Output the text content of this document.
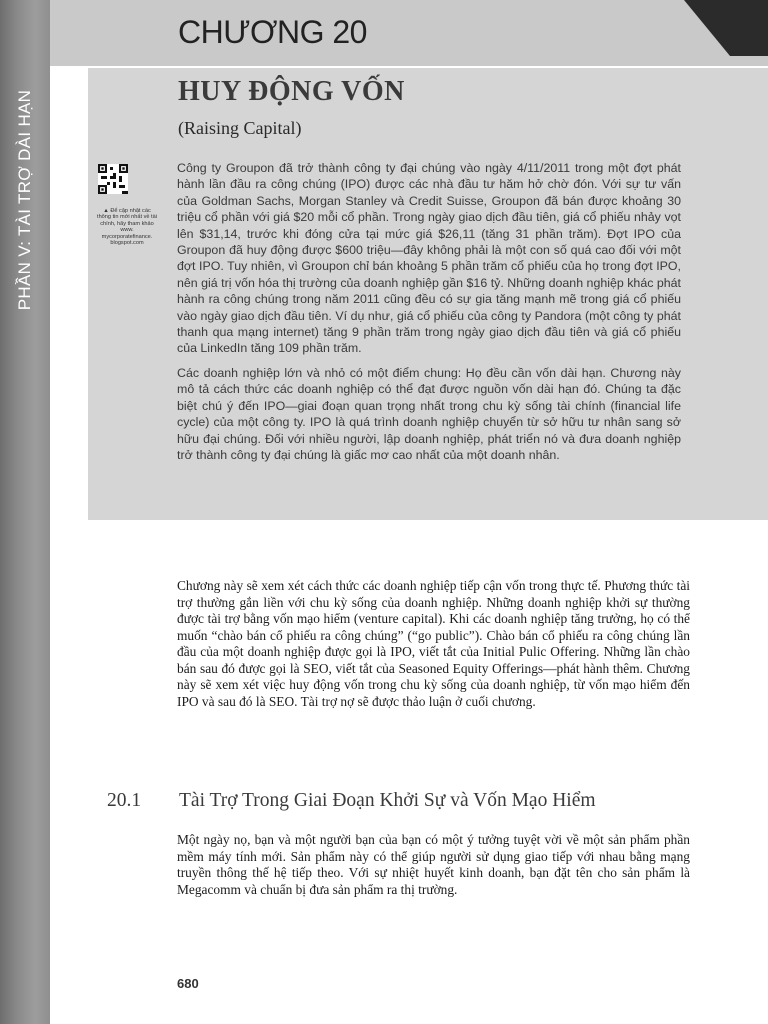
PHẦN V: TÀI TRỢ DÀI HẠN
CHƯƠNG 20
▲ Để cập nhật các thông tin mới nhất về tài chính, hãy tham khảo www. mycorporatefinance. blogspot.com
HUY ĐỘNG VỐN
(Raising Capital)

Công ty Groupon đã trở thành công ty đại chúng vào ngày 4/11/2011 trong một đợt phát hành lần đầu ra công chúng (IPO) được các nhà đầu tư hăm hở chờ đón. Với sự tư vấn của Goldman Sachs, Morgan Stanley và Credit Suisse, Groupon đã bán được khoảng 30 triệu cổ phần với giá $20 mỗi cổ phần. Trong ngày giao dịch đầu tiên, giá cổ phiếu nhảy vọt lên $31,14, trước khi đóng cửa tại mức giá $26,11 (tăng 31 phần trăm). Đợt IPO của Groupon đã huy động được $600 triệu—đây không phải là một con số quá cao đối với một đợt IPO. Tuy nhiên, vì Groupon chỉ bán khoảng 5 phần trăm cổ phiếu của họ trong đợt IPO, nên giá trị vốn hóa thị trường của doanh nghiệp gần $16 tỷ. Những doanh nghiệp khác phát hành ra công chúng trong năm 2011 cũng đều có sự gia tăng mạnh mẽ trong giá cổ phiếu vào ngày giao dịch đầu tiên. Ví dụ như, giá cổ phiếu của công ty Pandora (một công ty phát thanh qua mạng internet) tăng 9 phần trăm trong ngày giao dịch đầu tiên và giá cổ phiếu của LinkedIn tăng 109 phần trăm.

Các doanh nghiệp lớn và nhỏ có một điểm chung: Họ đều cần vốn dài hạn. Chương này mô tả cách thức các doanh nghiệp có thể đạt được nguồn vốn dài hạn đó. Chúng ta đặc biệt chú ý đến IPO—giai đoạn quan trọng nhất trong chu kỳ sống tài chính (financial life cycle) của một công ty. IPO là quá trình doanh nghiệp chuyển từ sở hữu tư nhân sang sở hữu đại chúng. Đối với nhiều người, lập doanh nghiệp, phát triển nó và đưa doanh nghiệp trở thành công ty đại chúng là giấc mơ cao nhất của một doanh nhân.

Chương này sẽ xem xét cách thức các doanh nghiệp tiếp cận vốn trong thực tế. Phương thức tài trợ thường gắn liền với chu kỳ sống của doanh nghiệp. Những doanh nghiệp khởi sự thường được tài trợ bằng vốn mạo hiểm (venture capital). Khi các doanh nghiệp tăng trưởng, họ có thể muốn “chào bán cổ phiếu ra công chúng” (“go public”). Chào bán cổ phiếu ra công chúng lần đầu của một doanh nghiệp được gọi là IPO, viết tắt của Initial Pulic Offering. Những lần chào bán sau đó được gọi là SEO, viết tắt của Seasoned Equity Offerings—phát hành thêm. Chương này sẽ xem xét việc huy động vốn trong chu kỳ sống của doanh nghiệp, từ vốn mạo hiểm đến IPO và sau đó là SEO. Tài trợ nợ sẽ được thảo luận ở cuối chương.
20.1 Tài Trợ Trong Giai Đoạn Khởi Sự và Vốn Mạo Hiểm
Một ngày nọ, bạn và một người bạn của bạn có một ý tưởng tuyệt vời về một sản phẩm phần mềm máy tính mới. Sản phẩm này có thể giúp người sử dụng giao tiếp với nhau bằng mạng truyền thông thế hệ tiếp theo. Với sự nhiệt huyết kinh doanh, bạn đặt tên cho sản phẩm là Megacomm và chuẩn bị đưa sản phẩm ra thị trường.
680
